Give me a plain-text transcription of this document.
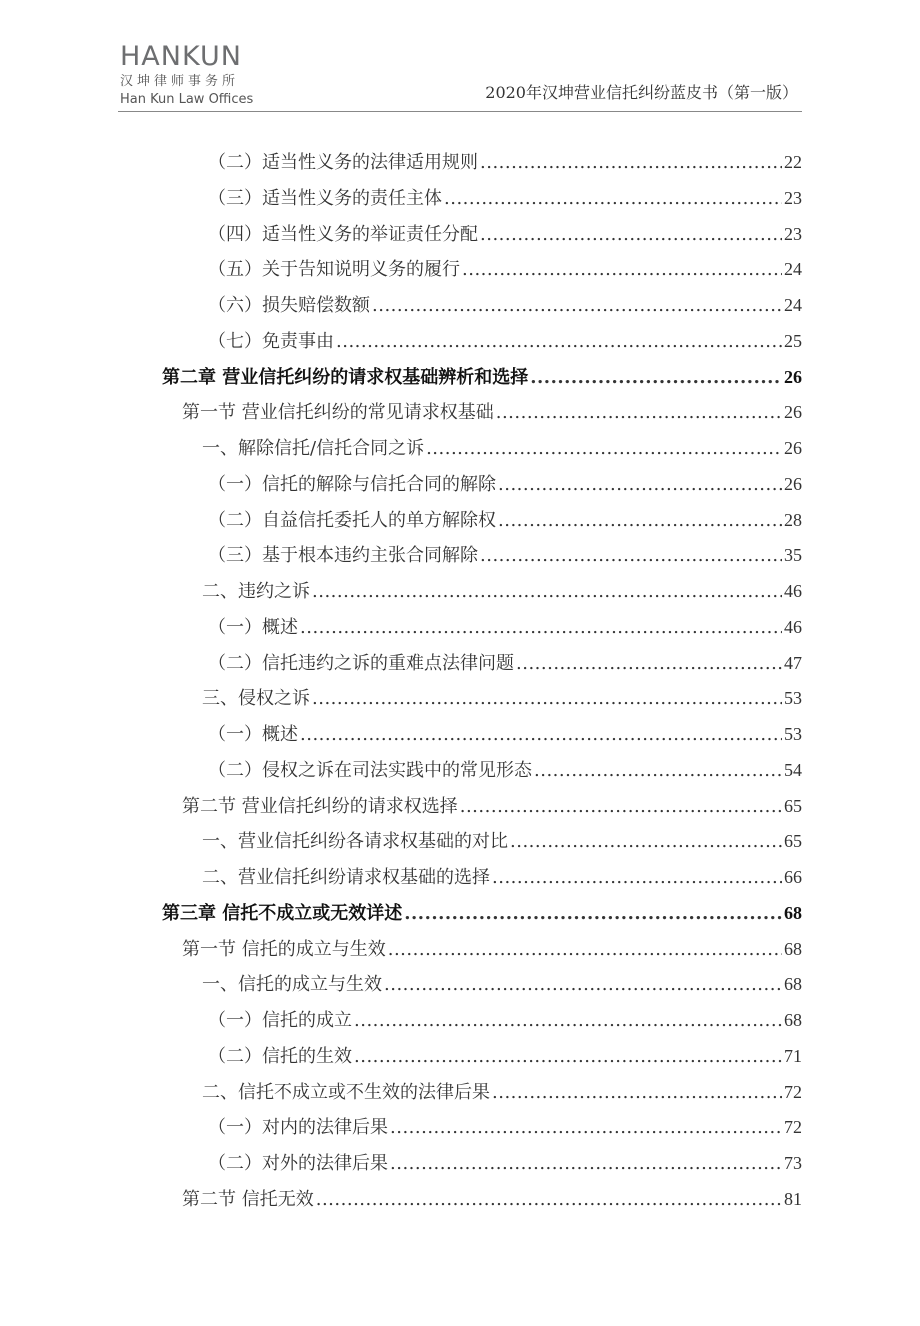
HANKUN
汉坤律师事务所
Han Kun Law Offices	2020年汉坤营业信托纠纷蓝皮书（第一版）
（二）适当性义务的法律适用规则 .....	22
（三）适当性义务的责任主体 .....	23
（四）适当性义务的举证责任分配 .....	23
（五）关于告知说明义务的履行 .....	24
（六）损失赔偿数额 .....	24
（七）免责事由 .....	25
第二章 营业信托纠纷的请求权基础辨析和选择 .....	26
第一节 营业信托纠纷的常见请求权基础 .....	26
一、解除信托/信托合同之诉 .....	26
（一）信托的解除与信托合同的解除 .....	26
（二）自益信托委托人的单方解除权 .....	28
（三）基于根本违约主张合同解除 .....	35
二、违约之诉 .....	46
（一）概述 .....	46
（二）信托违约之诉的重难点法律问题 .....	47
三、侵权之诉 .....	53
（一）概述 .....	53
（二）侵权之诉在司法实践中的常见形态 .....	54
第二节 营业信托纠纷的请求权选择 .....	65
一、营业信托纠纷各请求权基础的对比 .....	65
二、营业信托纠纷请求权基础的选择 .....	66
第三章 信托不成立或无效详述 .....	68
第一节 信托的成立与生效 .....	68
一、信托的成立与生效 .....	68
（一）信托的成立 .....	68
（二）信托的生效 .....	71
二、信托不成立或不生效的法律后果 .....	72
（一）对内的法律后果 .....	72
（二）对外的法律后果 .....	73
第二节 信托无效 .....	81
